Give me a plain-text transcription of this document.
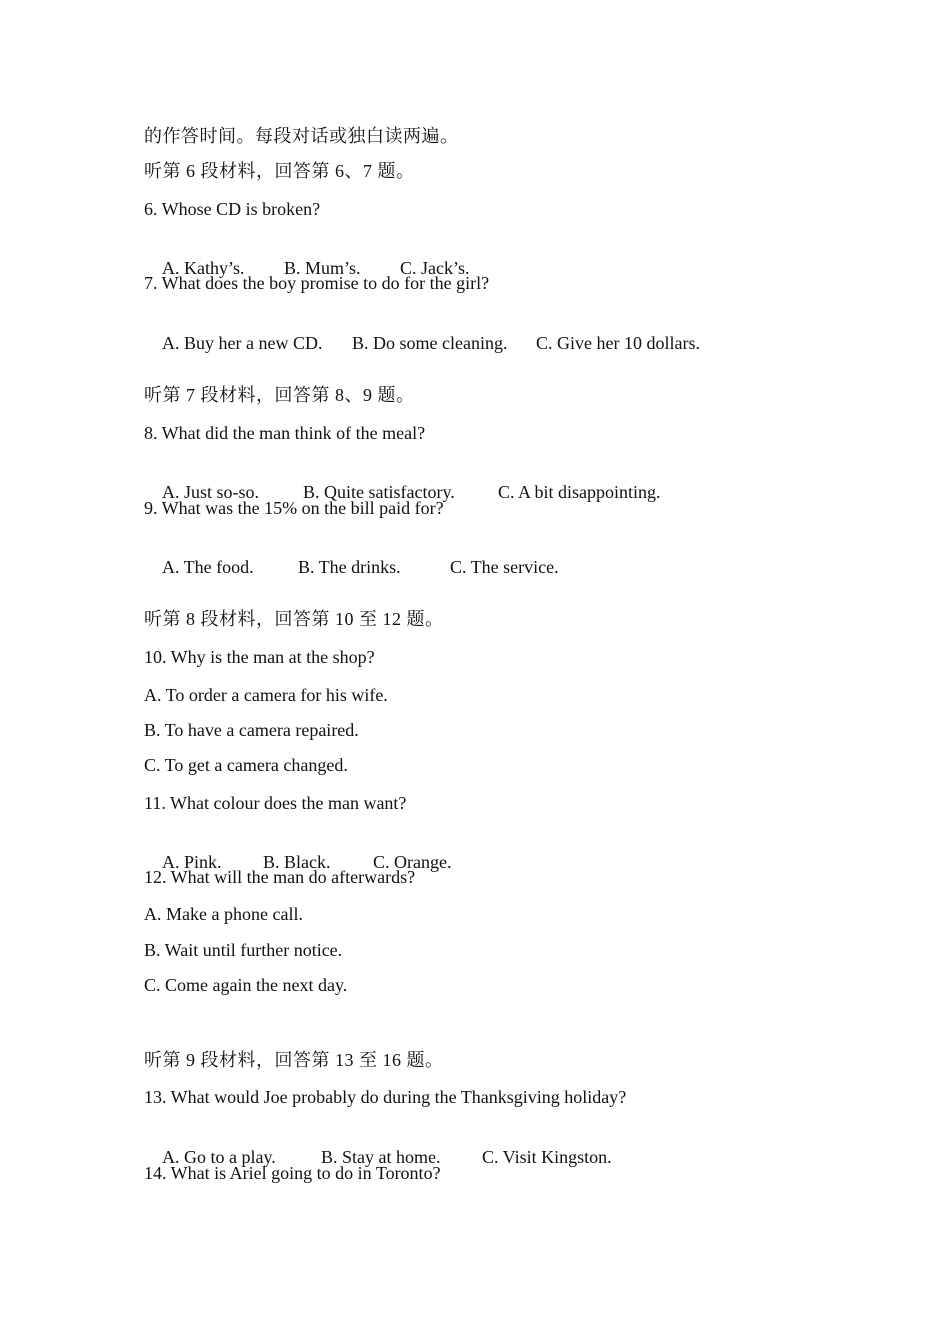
的作答时间。每段对话或独白读两遍。
听第 6 段材料，回答第 6、7 题。
6. Whose CD is broken?

A. Kathy’s. B. Mum’s. C. Jack’s.

7. What does the boy promise to do for the girl?

A. Buy her a new CD. B. Do some cleaning. C. Give her 10 dollars.

听第 7 段材料，回答第 8、9 题。
8. What did the man think of the meal?

A. Just so-so. B. Quite satisfactory. C. A bit disappointing.

9. What was the 15% on the bill paid for?

A. The food. B. The drinks.	C. The service.

听第 8 段材料，回答第 10 至 12 题。
10. Why is the man at the shop?
A. To order a camera for his wife.
B. To have a camera repaired.
C. To get a camera changed.
11. What colour does the man want?

A. Pink. B. Black. C. Orange.

12. What will the man do afterwards?
A. Make a phone call.
B. Wait until further notice.
C. Come again the next day.
听第 9 段材料，回答第 13 至 16 题。
13. What would Joe probably do during the Thanksgiving holiday?

A. Go to a play.	B. Stay at home. C. Visit Kingston.

14. What is Ariel going to do in Toronto?
